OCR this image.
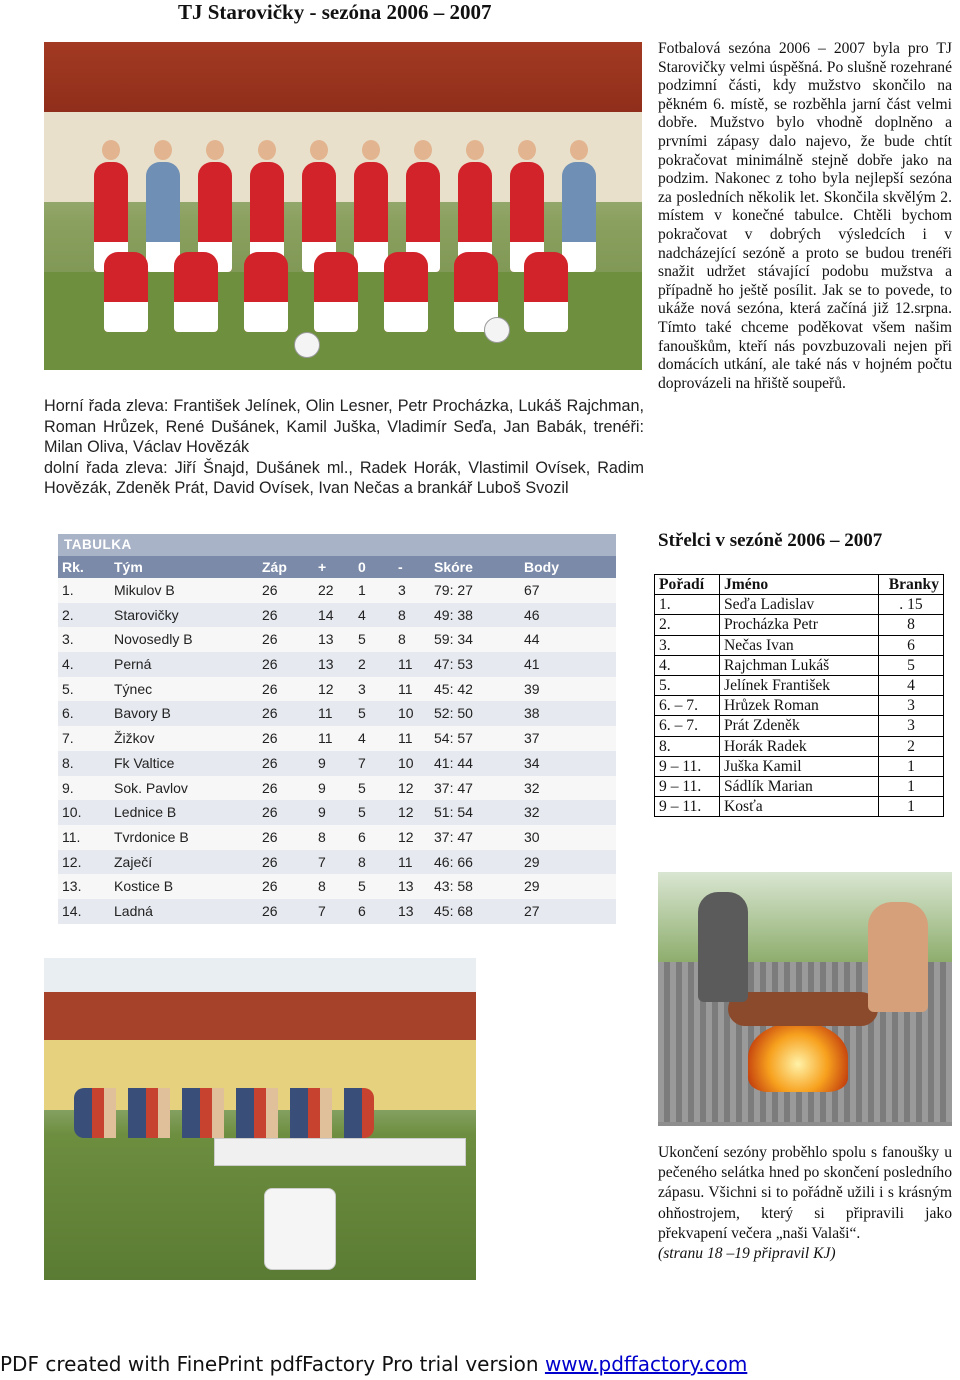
TJ Starovičky - sezóna 2006 – 2007

Horní řada zleva: František Jelínek, Olin Lesner, Petr Procházka, Lukáš Rajchman, Roman Hrůzek, René Dušánek, Kamil Juška, Vladimír Seďa, Jan Babák, trenéři: Milan Oliva, Václav Hovězák

dolní řada zleva: Jiří Šnajd, Dušánek ml., Radek Horák, Vlastimil Ovísek, Radim Hovězák, Zdeněk Prát, David Ovísek, Ivan Nečas a brankář Luboš Svozil

Fotbalová sezóna 2006 – 2007 byla pro TJ Starovičky velmi úspěšná. Po slušně rozehrané podzimní části, kdy mužstvo skončilo na pěkném 6. místě, se rozběhla jarní část velmi dobře. Mužstvo bylo vhodně doplněno a prvními zápasy dalo najevo, že bude chtít pokračovat minimálně stejně dobře jako na podzim. Nakonec z toho byla nejlepší sezóna za posledních několik let. Skončila skvělým 2. místem v konečné tabulce. Chtěli bychom pokračovat v dobrých výsledcích i v nadcházející sezóně a proto se budou trenéři snažit udržet stávající podobu mužstva a případně ho ještě posílit. Jak se to povede, to ukáže nová sezóna, která začíná již 12.srpna. Tímto také chceme poděkovat všem našim fanouškům, kteří nás povzbuzovali nejen při domácích utkání, ale také nás v hojném počtu doprovázeli na hřiště soupeřů.
TABULKA
Rk.	Tým	Záp	+	0	-	Skóre	Body
1.	Mikulov B	26	22	1	3	79: 27	67
2.	Starovičky	26	14	4	8	49: 38	46
3.	Novosedly B	26	13	5	8	59: 34	44
4.	Perná	26	13	2	11	47: 53	41
5.	Týnec	26	12	3	11	45: 42	39
6.	Bavory B	26	11	5	10	52: 50	38
7.	Žižkov	26	11	4	11	54: 57	37
8.	Fk Valtice	26	9	7	10	41: 44	34
9.	Sok. Pavlov	26	9	5	12	37: 47	32
10.	Lednice B	26	9	5	12	51: 54	32
11.	Tvrdonice B	26	8	6	12	37: 47	30
12.	Zaječí	26	7	8	11	46: 66	29
13.	Kostice B	26	8	5	13	43: 58	29
14.	Ladná	26	7	6	13	45: 68	27
Střelci v sezóně 2006 – 2007
Pořadí	Jméno	Branky
1.	Seďa Ladislav	. 15
2.	Procházka Petr	8
3.	Nečas Ivan	6
4.	Rajchman Lukáš	5
5.	Jelínek František	4
6. – 7.	Hrůzek Roman	3
6. – 7.	Prát Zdeněk	3
8.	Horák Radek	2
9 – 11.	Juška Kamil	1
9 – 11.	Sádlík Marian	1
9 – 11.	Kosťa	1

Ukončení sezóny proběhlo spolu s fanoušky u pečeného selátka hned po skončení posledního zápasu. Všichni si to pořádně užili i s krásným ohňostrojem, který si připravili jako překvapení večera „naši Valaši“.

(stranu 18 –19 připravil KJ)

PDF created with FinePrint pdfFactory Pro trial version www.pdffactory.com
